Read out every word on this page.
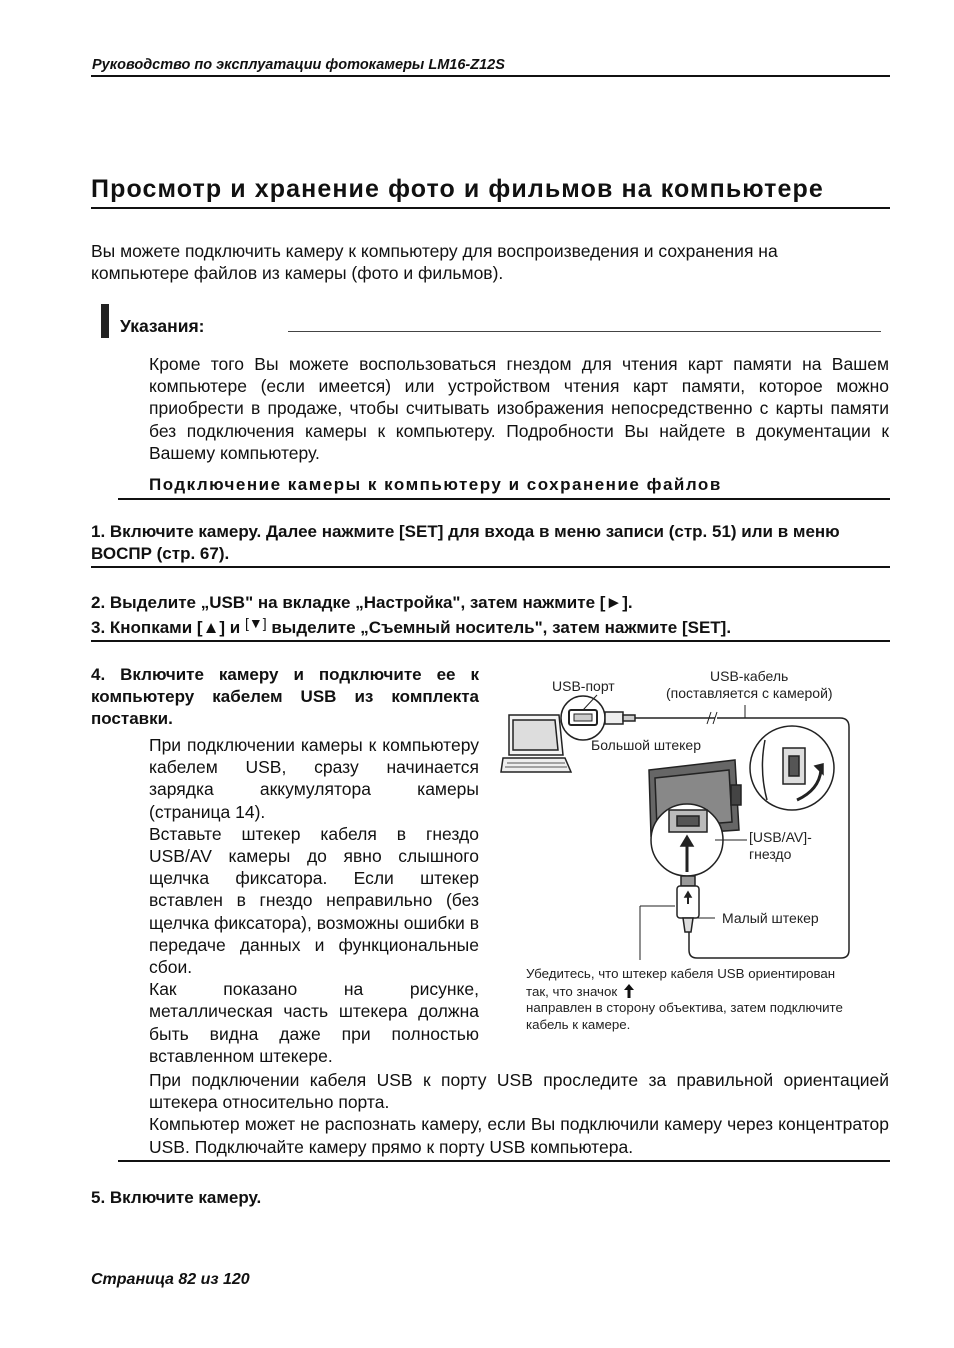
Руководство по эксплуатации фотокамеры LM16-Z12S
Просмотр и хранение фото и фильмов на компьютере
Вы можете подключить камеру к компьютеру для воспроизведения и сохранения на компьютере файлов из камеры (фото и фильмов).
Указания:
Кроме того Вы можете воспользоваться гнездом для чтения карт памяти на Вашем компьютере (если имеется) или устройством чтения карт памяти, которое можно приобрести в продаже, чтобы считывать изображения непосредственно с карты памяти без подключения камеры к компьютеру. Подробности Вы найдете в документации к Вашему компьютеру.
Подключение камеры к компьютеру и сохранение файлов
1. Включите камеру. Далее нажмите [SET] для входа в меню записи (стр. 51) или в меню ВОСПР (стр. 67).
2. Выделите „USB" на вкладке „Настройка", затем нажмите [►].
3. Кнопками [▲] и [▼] выделите „Съемный носитель", затем нажмите [SET].
4. Включите камеру и подключите ее к компьютеру кабелем USB из комплекта поставки.

При подключении камеры к компьютеру кабелем USB, сразу начинается зарядка аккумулятора камеры (страница 14).

Вставьте штекер кабеля в гнездо USB/AV камеры до явно слышного щелчка фиксатора. Если штекер вставлен в гнездо неправильно (без щелчка фиксатора), возможны ошибки в передаче данных и функциональные сбои.

Как показано на рисунке, металлическая часть штекера должна быть видна даже при полностью вставленном штекере.

При подключении кабеля USB к порту USB проследите за правильной ориентацией штекера относительно порта.

Компьютер может не распознать камеру, если Вы подключили камеру через концентратор USB. Подключайте камеру прямо к порту USB компьютера.

USB-порт
USB-кабель
(поставляется с камерой)
Большой штекер
[USB/AV]-
гнездо
Малый штекер
Убедитесь, что штекер кабеля USB ориентирован
так, что значок
направлен в сторону объектива, затем подключите
кабель к камере.
5. Включите камеру.
Страница 82 из 120
